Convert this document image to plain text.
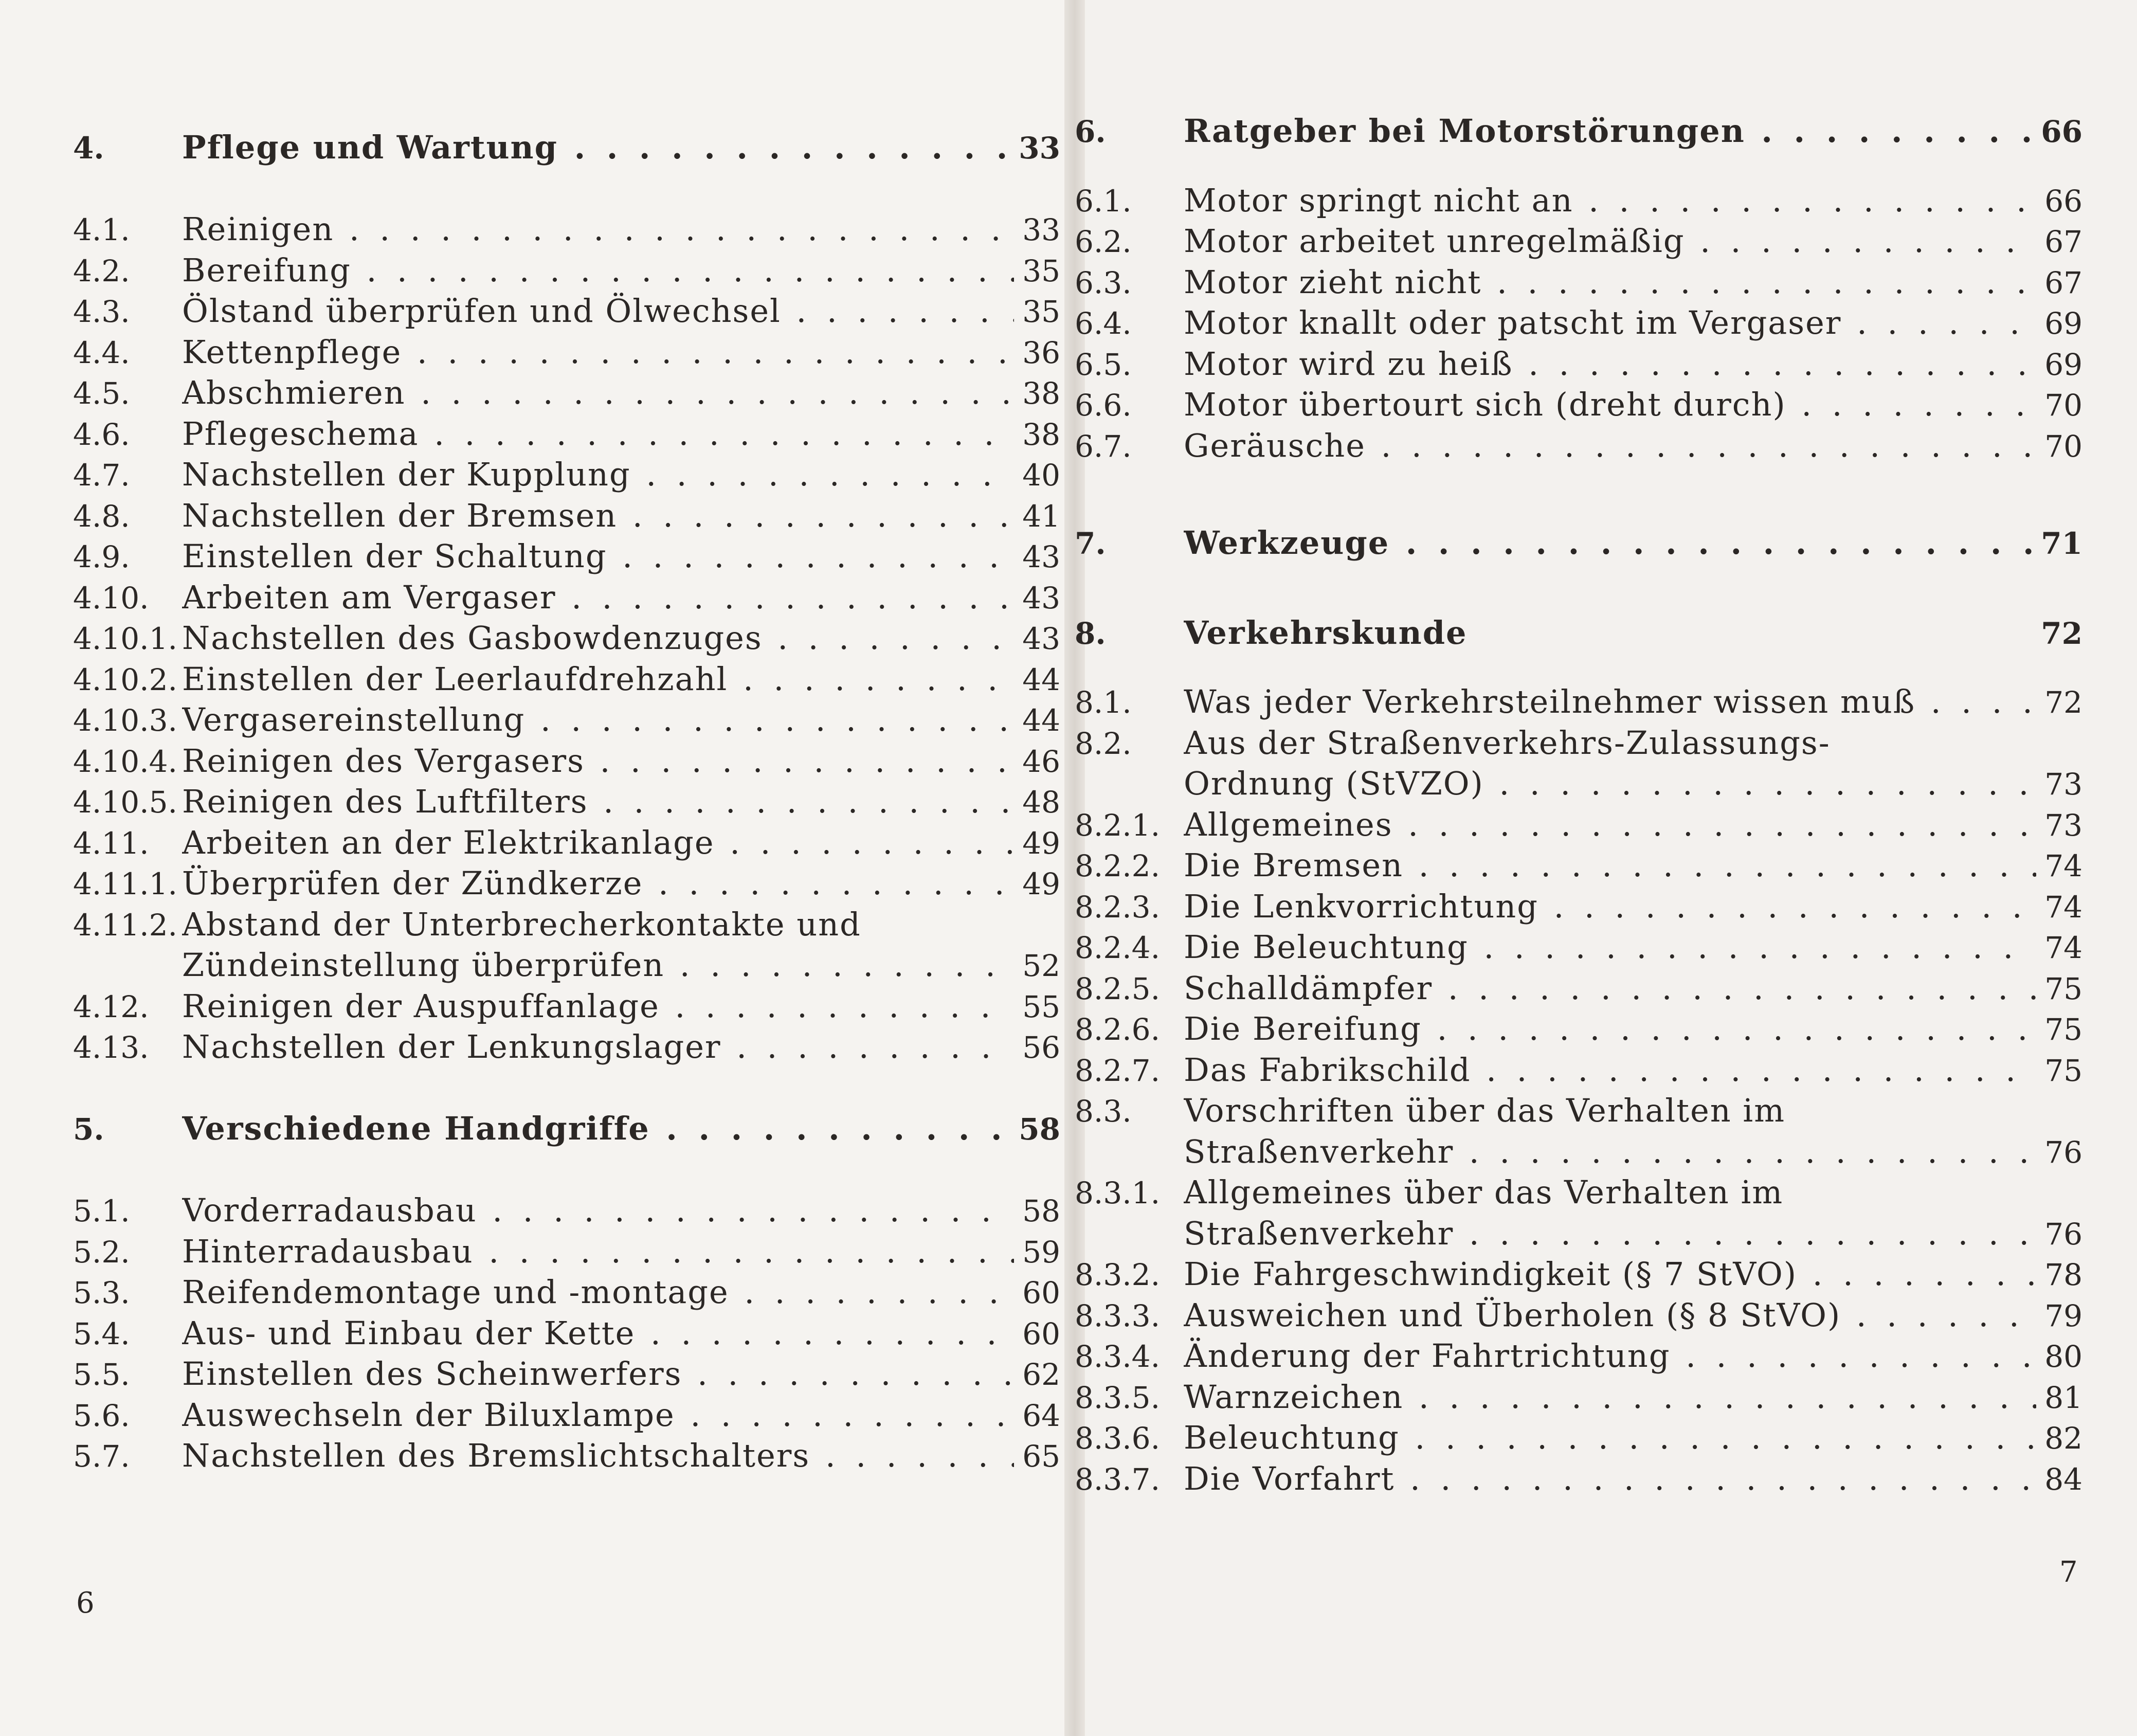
4.	Pflege und Wartung . . .	33
4.1.	Reinigen . . .	33
4.2.	Bereifung . . .	35
4.3.	Ölstand überprüfen und Ölwechsel . . .	35
4.4.	Kettenpflege . . .	36
4.5.	Abschmieren . . .	38
4.6.	Pflegeschema . . .	38
4.7.	Nachstellen der Kupplung . . .	40
4.8.	Nachstellen der Bremsen . . .	41
4.9.	Einstellen der Schaltung . . .	43
4.10.	Arbeiten am Vergaser . . .	43
4.10.1. Nachstellen des Gasbowdenzuges . . .	43
4.10.2. Einstellen der Leerlaufdrehzahl . . .	44
4.10.3. Vergasereinstellung . . .	44
4.10.4. Reinigen des Vergasers . . .	46
4.10.5. Reinigen des Luftfilters . . .	48
4.11.	Arbeiten an der Elektrikanlage . . .	49
4.11.1. Überprüfen der Zündkerze . . .	49
4.11.2. Abstand der Unterbrecherkontakte und
Zündeinstellung überprüfen . . .	52
4.12.	Reinigen der Auspuffanlage . . .	55
4.13.	Nachstellen der Lenkungslager . . .	56
5.	Verschiedene Handgriffe . . .	58
5.1.	Vorderradausbau . . .	58
5.2.	Hinterradausbau . . .	59
5.3.	Reifendemontage und -montage . . .	60
5.4.	Aus- und Einbau der Kette . . .	60
5.5.	Einstellen des Scheinwerfers . . .	62
5.6.	Auswechseln der Biluxlampe . . .	64
5.7.	Nachstellen des Bremslichtschalters . . .	65
6
6.	Ratgeber bei Motorstörungen . . .	66
6.1.	Motor springt nicht an . . .	66
6.2.	Motor arbeitet unregelmäßig . . .	67
6.3.	Motor zieht nicht . . .	67
6.4.	Motor knallt oder patscht im Vergaser . . .	69
6.5.	Motor wird zu heiß . . .	69
6.6.	Motor übertourt sich (dreht durch) . . .	70
6.7.	Geräusche . . .	70
7.	Werkzeuge . . .	71
8.	Verkehrskunde	72
8.1.	Was jeder Verkehrsteilnehmer wissen muß . . .	72
8.2.	Aus der Straßenverkehrs-Zulassungs-
Ordnung (StVZO) . . .	73
8.2.1. Allgemeines . . .	73
8.2.2. Die Bremsen . . .	74
8.2.3. Die Lenkvorrichtung . . .	74
8.2.4. Die Beleuchtung . . .	74
8.2.5. Schalldämpfer . . .	75
8.2.6. Die Bereifung . . .	75
8.2.7. Das Fabrikschild . . .	75
8.3.	Vorschriften über das Verhalten im
Straßenverkehr . . .	76
8.3.1. Allgemeines über das Verhalten im
Straßenverkehr . . .	76
8.3.2. Die Fahrgeschwindigkeit (§ 7 StVO) . . .	78
8.3.3. Ausweichen und Überholen (§ 8 StVO) . . .	79
8.3.4. Änderung der Fahrtrichtung . . .	80
8.3.5. Warnzeichen . . .	81
8.3.6. Beleuchtung . . .	82
8.3.7. Die Vorfahrt . . .	84
7
